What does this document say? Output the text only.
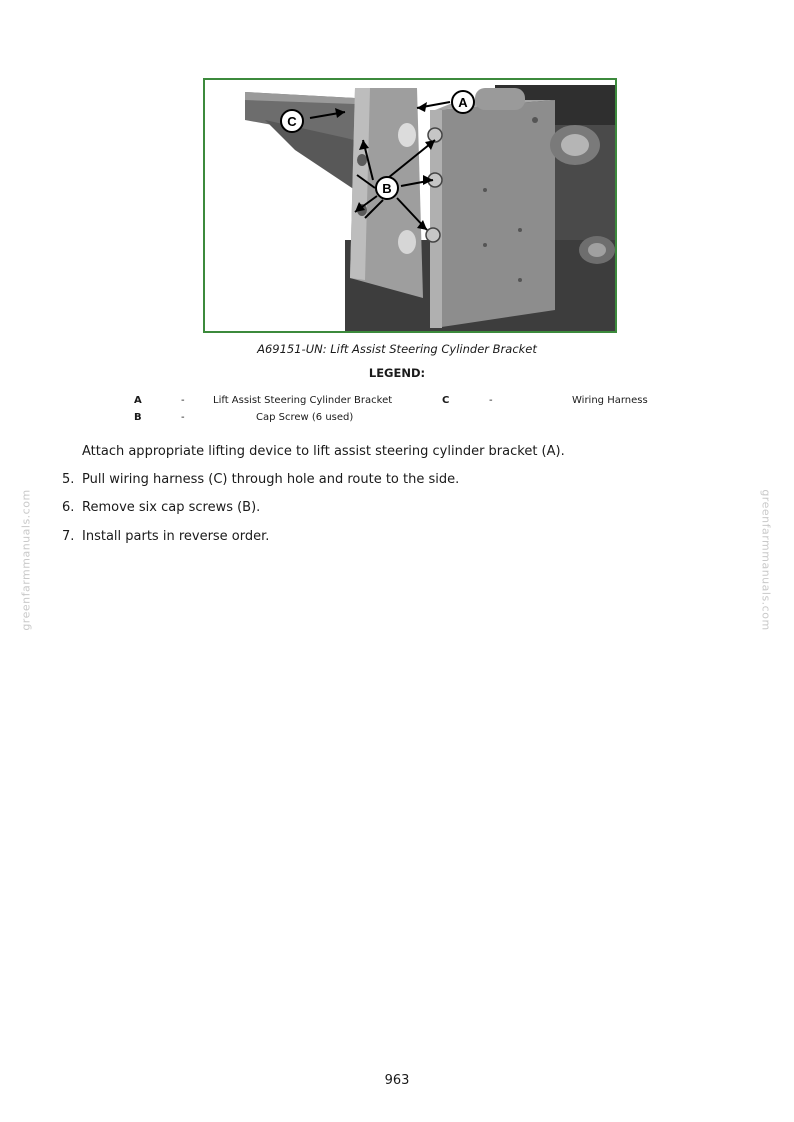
A
B
C
A69151-UN: Lift Assist Steering Cylinder Bracket
LEGEND:
A	-	Lift Assist Steering Cylinder Bracket	C	-	Wiring Harness
B	-	Cap Screw (6 used)
Attach appropriate lifting device to lift assist steering cylinder bracket (A).
5. Pull wiring harness (C) through hole and route to the side.
6. Remove six cap screws (B).
7. Install parts in reverse order.
greenfarmmanuals.com	greenfarmmanuals.com
963
